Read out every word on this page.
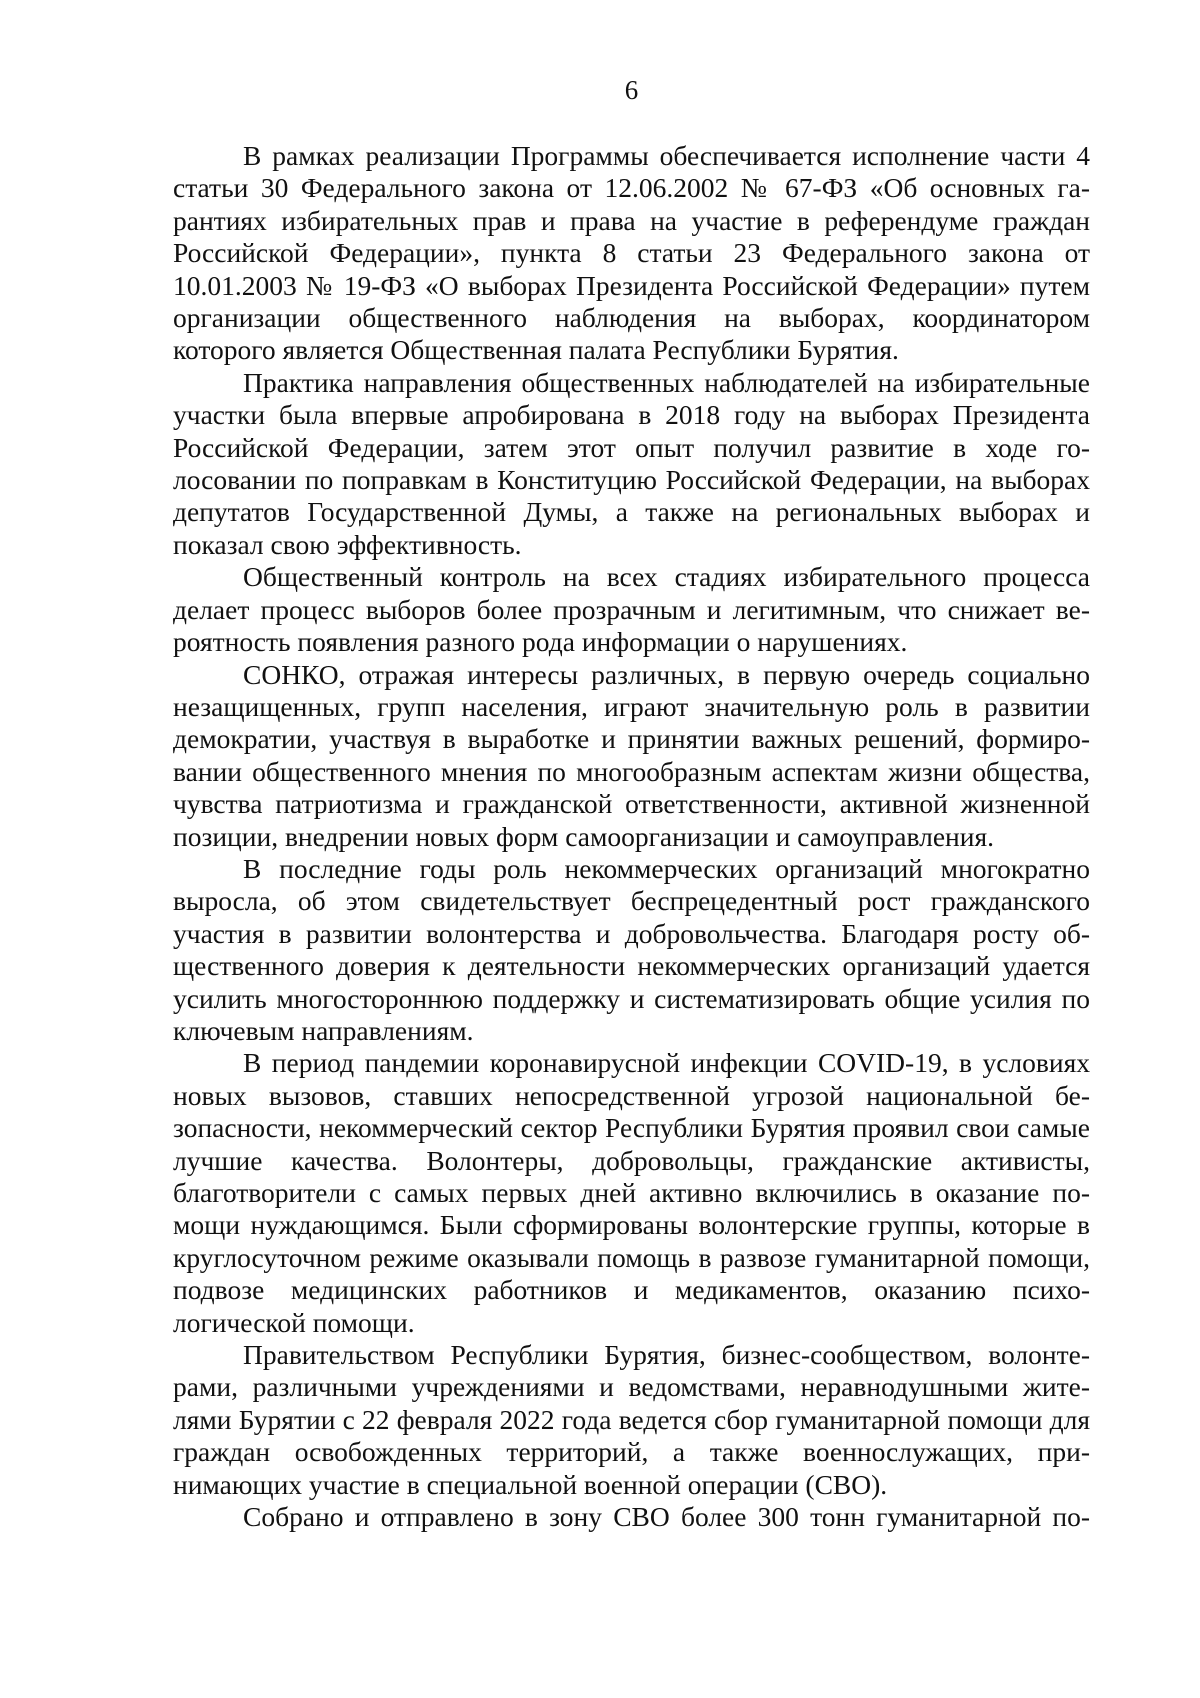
6

В рамках реализации Программы обеспечивается исполнение части 4 статьи 30 Федерального закона от 12.06.2002 № 67-ФЗ «Об основных гарантиях избирательных прав и права на участие в референдуме граждан Российской Федерации», пункта 8 статьи 23 Федерального закона от 10.01.2003 № 19-ФЗ «О выборах Президента Российской Федерации» путем организации общественного наблюдения на выборах, координатором которого является Общественная палата Республики Бурятия.

Практика направления общественных наблюдателей на избирательные участки была впервые апробирована в 2018 году на выборах Президента Российской Федерации, затем этот опыт получил развитие в ходе голосовании по поправкам в Конституцию Российской Федерации, на выборах депутатов Государственной Думы, а также на региональных выборах и показал свою эффективность.

Общественный контроль на всех стадиях избирательного процесса делает процесс выборов более прозрачным и легитимным, что снижает вероятность появления разного рода информации о нарушениях.

СОНКО, отражая интересы различных, в первую очередь социально незащищенных, групп населения, играют значительную роль в развитии демократии, участвуя в выработке и принятии важных решений, формировании общественного мнения по многообразным аспектам жизни общества, чувства патриотизма и гражданской ответственности, активной жизненной позиции, внедрении новых форм самоорганизации и самоуправления.

В последние годы роль некоммерческих организаций многократно выросла, об этом свидетельствует беспрецедентный рост гражданского участия в развитии волонтерства и добровольчества. Благодаря росту общественного доверия к деятельности некоммерческих организаций удается усилить многостороннюю поддержку и систематизировать общие усилия по ключевым направлениям.

В период пандемии коронавирусной инфекции COVID-19, в условиях новых вызовов, ставших непосредственной угрозой национальной безопасности, некоммерческий сектор Республики Бурятия проявил свои самые лучшие качества. Волонтеры, добровольцы, гражданские активисты, благотворители с самых первых дней активно включились в оказание помощи нуждающимся. Были сформированы волонтерские группы, которые в круглосуточном режиме оказывали помощь в развозе гуманитарной помощи, подвозе медицинских работников и медикаментов, оказанию психологической помощи.

Правительством Республики Бурятия, бизнес-сообществом, волонтерами, различными учреждениями и ведомствами, неравнодушными жителями Бурятии с 22 февраля 2022 года ведется сбор гуманитарной помощи для граждан освобожденных территорий, а также военнослужащих, принимающих участие в специальной военной операции (СВО).

Собрано и отправлено в зону СВО более 300 тонн гуманитарной по-
